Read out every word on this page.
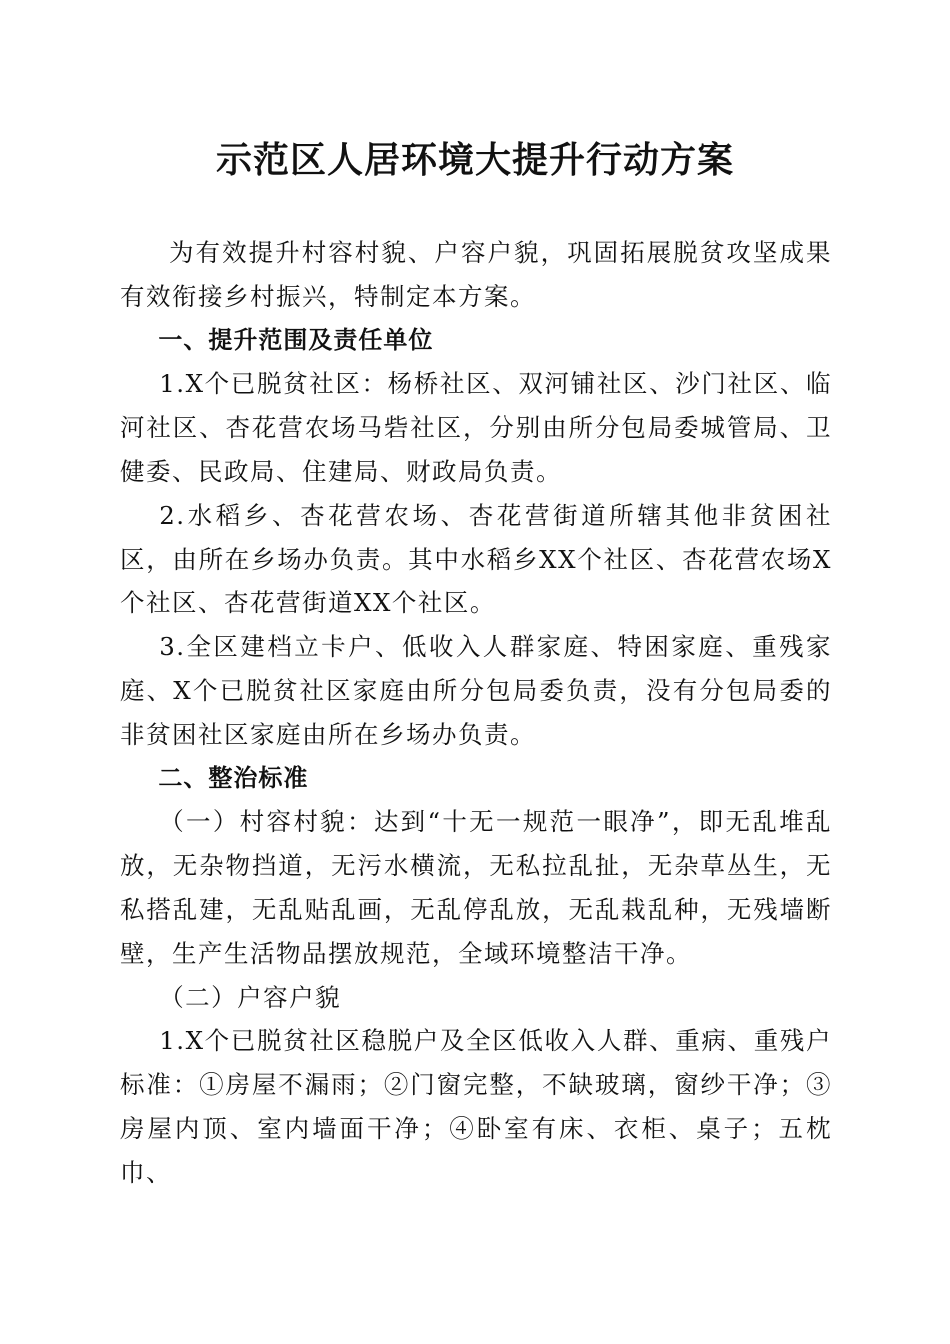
示范区人居环境大提升行动方案

为有效提升村容村貌、户容户貌，巩固拓展脱贫攻坚成果有效衔接乡村振兴，特制定本方案。

一、提升范围及责任单位

1.X个已脱贫社区：杨桥社区、双河铺社区、沙门社区、临河社区、杏花营农场马砦社区，分别由所分包局委城管局、卫健委、民政局、住建局、财政局负责。

2.水稻乡、杏花营农场、杏花营街道所辖其他非贫困社区，由所在乡场办负责。其中水稻乡XX个社区、杏花营农场X个社区、杏花营街道XX个社区。

3.全区建档立卡户、低收入人群家庭、特困家庭、重残家庭、X个已脱贫社区家庭由所分包局委负责，没有分包局委的非贫困社区家庭由所在乡场办负责。

二、整治标准

（一）村容村貌：达到“十无一规范一眼净”，即无乱堆乱放，无杂物挡道，无污水横流，无私拉乱扯，无杂草丛生，无私搭乱建，无乱贴乱画，无乱停乱放，无乱栽乱种，无残墙断壁，生产生活物品摆放规范，全域环境整洁干净。

（二）户容户貌

1.X个已脱贫社区稳脱户及全区低收入人群、重病、重残户标准：①房屋不漏雨；②门窗完整，不缺玻璃，窗纱干净；③房屋内顶、室内墙面干净；④卧室有床、衣柜、桌子；五枕巾、
